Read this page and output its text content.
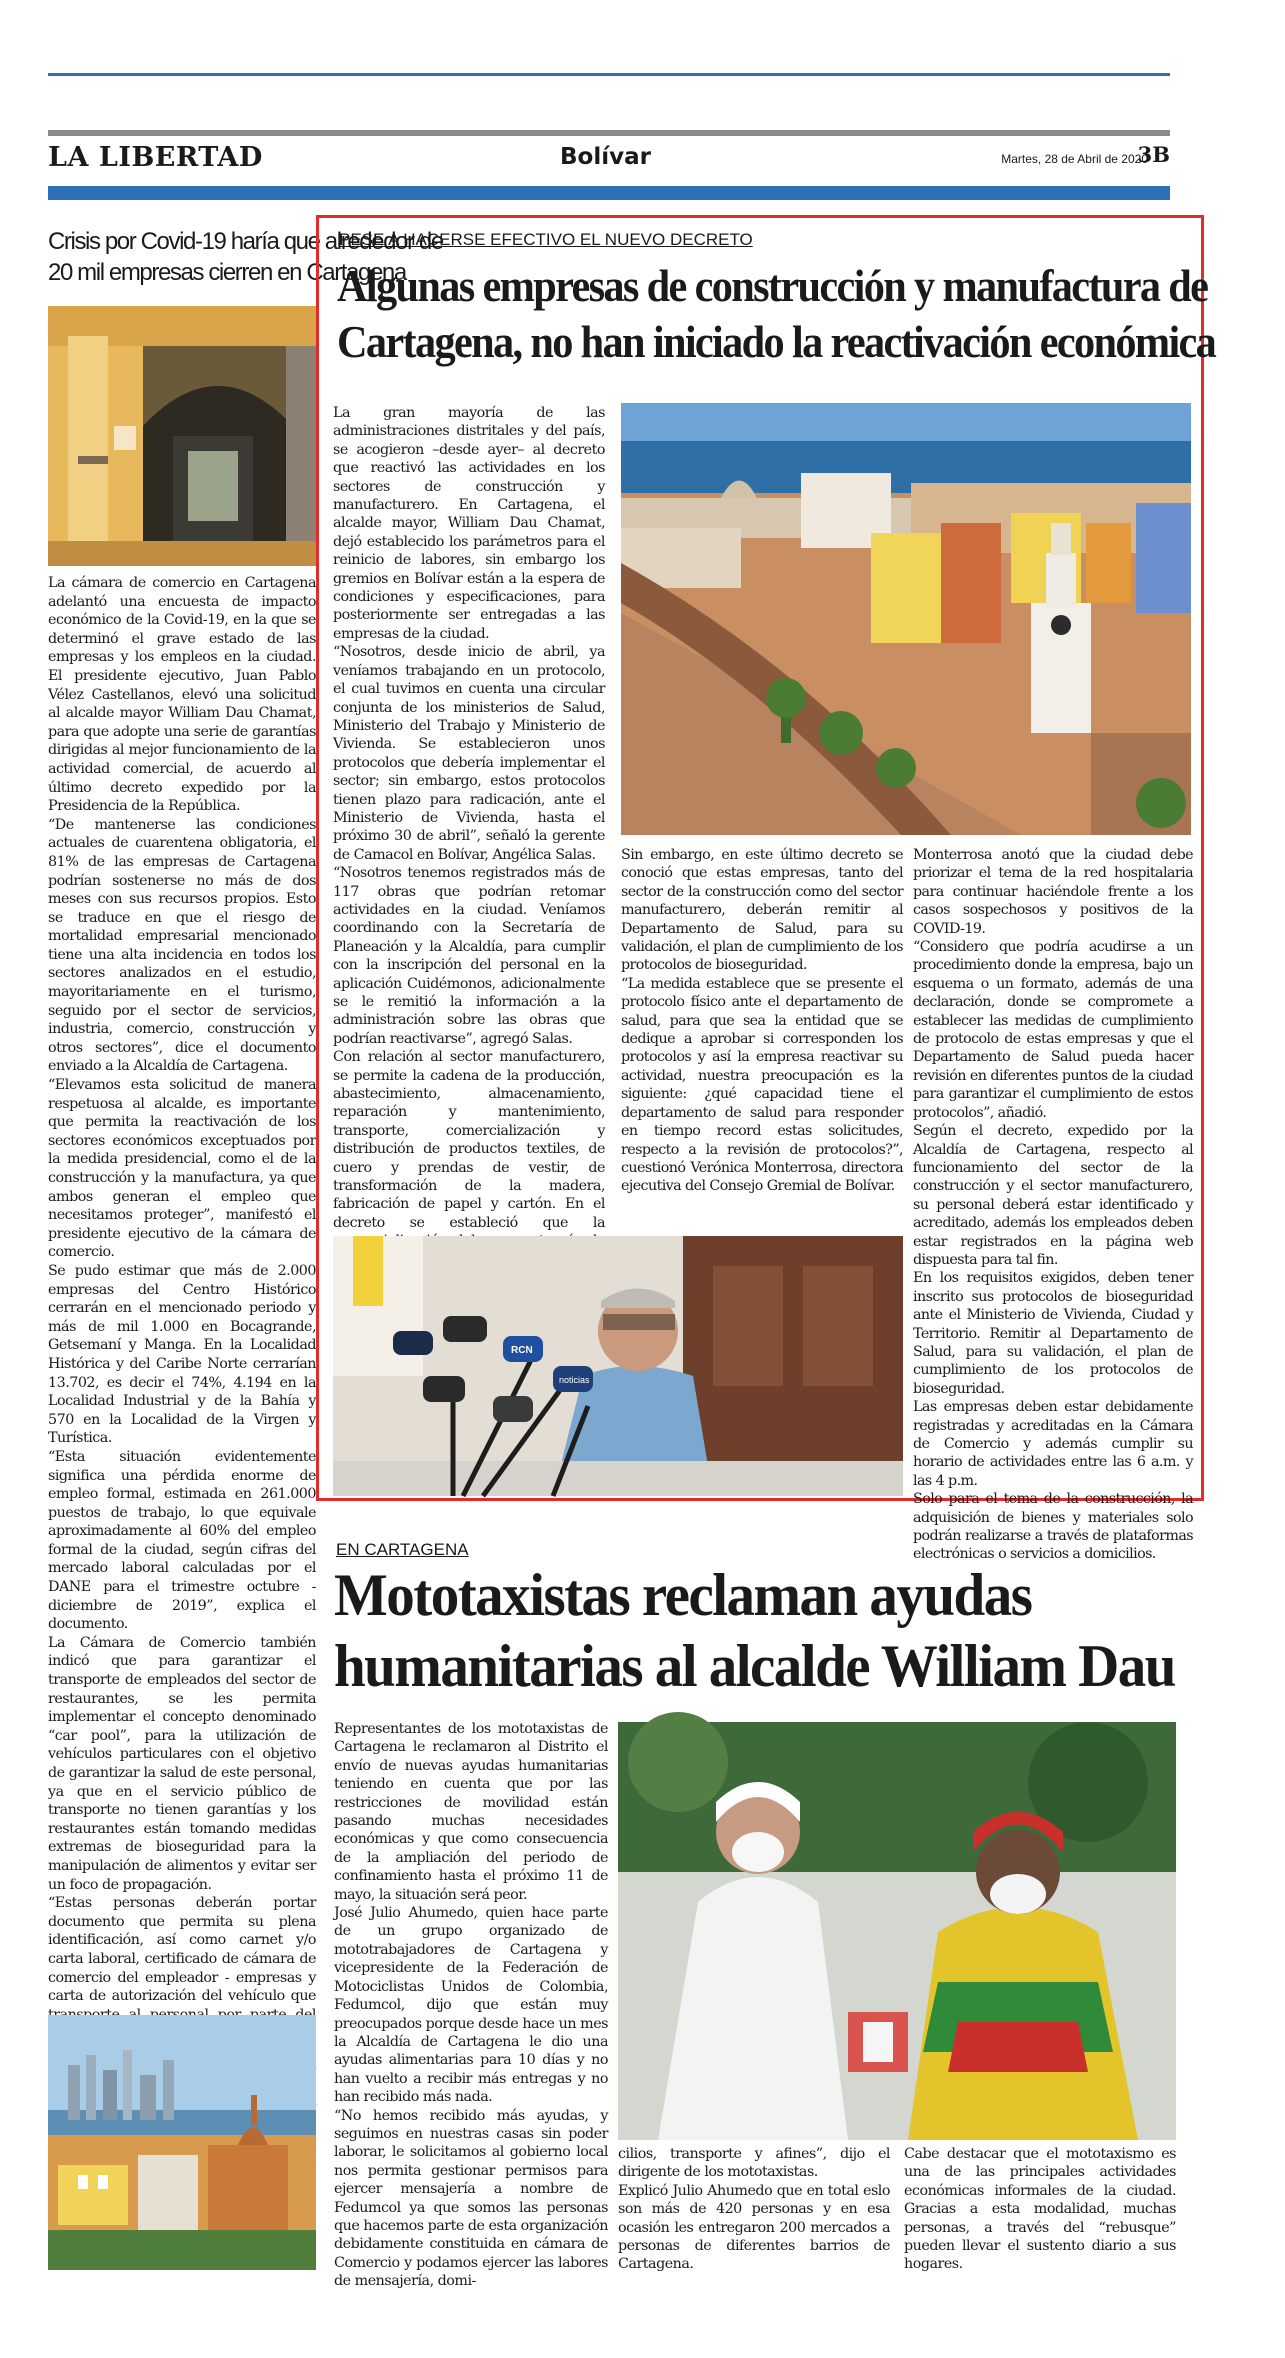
LA LIBERTAD	Bolívar	Martes, 28 de Abril de 2020
3B
Crisis por Covid-19 haría que alrededor de
20 mil empresas cierren en Cartagena
La cámara de comercio en Cartagena adelantó una encuesta de impacto económico de la Covid-19, en la que se determinó el grave estado de las empresas y los empleos en la ciudad. El presidente ejecutivo, Juan Pablo Vélez Castellanos, elevó una solicitud al alcalde mayor William Dau Chamat, para que adopte una serie de garantías dirigidas al mejor funcionamiento de la actividad comercial, de acuerdo al último decreto expedido por la Presidencia de la República.
“De mantenerse las condiciones actuales de cuarentena obligatoria, el 81% de las empresas de Cartagena podrían sostenerse no más de dos meses con sus recursos propios. Esto se traduce en que el riesgo de mortalidad empresarial mencionado tiene una alta incidencia en todos los sectores analizados en el estudio, mayoritariamente en el turismo, seguido por el sector de servicios, industria, comercio, construcción y otros sectores”, dice el documento enviado a la Alcaldía de Cartagena.
“Elevamos esta solicitud de manera respetuosa al alcalde, es importante que permita la reactivación de los sectores económicos exceptuados por la medida presidencial, como el de la construcción y la manufactura, ya que ambos generan el empleo que necesitamos proteger”, manifestó el presidente ejecutivo de la cámara de comercio.
Se pudo estimar que más de 2.000 empresas del Centro Histórico cerrarán en el mencionado periodo y más de mil 1.000 en Bocagrande, Getsemaní y Manga. En la Localidad Histórica y del Caribe Norte cerrarían 13.702, es decir el 74%, 4.194 en la Localidad Industrial y de la Bahía y 570 en la Localidad de la Virgen y Turística.
“Esta situación evidentemente significa una pérdida enorme de empleo formal, estimada en 261.000 puestos de trabajo, lo que equivale aproximadamente al 60% del empleo formal de la ciudad, según cifras del mercado laboral calculadas por el DANE para el trimestre octubre - diciembre de 2019”, explica el documento.
La Cámara de Comercio también indicó que para garantizar el transporte de empleados del sector de restaurantes, se les permita implementar el concepto denominado “car pool”, para la utilización de vehículos particulares con el objetivo de garantizar la salud de este personal, ya que en el servicio público de transporte no tienen garantías y los restaurantes están tomando medidas extremas de bioseguridad para la manipulación de alimentos y evitar ser un foco de propagación.
“Estas personas deberán portar documento que permita su plena identificación, así como carnet y/o carta laboral, certificado de cámara de comercio del empleador - empresas y carta de autorización del vehículo que
PESE A HACERSE EFECTIVO EL NUEVO DECRETO
Algunas empresas de construcción y manufactura de
Cartagena, no han iniciado la reactivación económica
La gran mayoría de las administraciones distritales y del país, se acogieron –desde ayer– al decreto que reactivó las actividades en los sectores de construcción y manufacturero. En Cartagena, el alcalde mayor, William Dau Chamat, dejó establecido los parámetros para el reinicio de labores, sin embargo los gremios en Bolívar están a la espera de condiciones y especificaciones, para posteriormente ser entregadas a las empresas de la ciudad.
“Nosotros, desde inicio de abril, ya veníamos trabajando en un protocolo, el cual tuvimos en cuenta una circular conjunta de los ministerios de Salud, Ministerio del Trabajo y Ministerio de Vivienda. Se establecieron unos protocolos que debería implementar el sector; sin embargo, estos protocolos tienen plazo para radicación, ante el Ministerio de Vivienda, hasta el próximo 30 de abril”, señaló la gerente de Camacol en Bolívar, Angélica Salas.
“Nosotros tenemos registrados más de 117 obras que podrían retomar actividades en la ciudad. Veníamos coordinando con la Secretaría de Planeación y la Alcaldía, para cumplir con la inscripción del personal en la aplicación Cuidémonos, adicionalmente se le remitió la información a la administración sobre las obras que podrían reactivarse”, agregó Salas.
Con relación al sector manufacturero, se permite la cadena de la producción, abastecimiento, almacenamiento, reparación y mantenimiento, transporte, comercialización y distribución de productos textiles, de cuero y prendas de vestir, de transformación de la madera, fabricación de papel y cartón. En el decreto se estableció que la
Sin embargo, en este último decreto se conoció que estas empresas, tanto del sector de la construcción como del sector manufacturero, deberán remitir al Departamento de Salud, para su validación, el plan de cumplimiento de los protocolos de bioseguridad.
“La medida establece que se presente el protocolo físico ante el departamento de salud, para que sea la entidad que se dedique a aprobar si corresponden los protocolos y así la empresa reactivar su actividad, nuestra preocupación es la siguiente: ¿qué capacidad tiene el departamento de salud para responder en tiempo record estas solicitudes, respecto a la revisión de protocolos?”, cuestionó Verónica Monterrosa, directora ejecutiva del Consejo Gremial de Bolívar.
Monterrosa anotó que la ciudad debe priorizar el tema de la red hospitalaria para continuar haciéndole frente a los casos sospechosos y positivos de la COVID-19.
“Considero que podría acudirse a un procedimiento donde la empresa, bajo un esquema o un formato, además de una declaración, donde se compromete a establecer las medidas de cumplimiento de protocolo de estas empresas y que el Departamento de Salud pueda hacer revisión en diferentes puntos de la ciudad para garantizar el cumplimiento de estos protocolos”, añadió.
Según el decreto, expedido por la Alcaldía de Cartagena, respecto al funcionamiento del sector de la construcción y el sector manufacturero, su personal deberá estar identificado y acreditado, además los empleados deben estar registrados en la página web dispuesta para tal fin.
En los requisitos exigidos, deben tener inscrito sus protocolos de bioseguridad ante el Ministerio de Vivienda, Ciudad y Territorio. Remitir al Departamento de Salud, para su validación, el plan de cumplimiento de los protocolos de bioseguridad.
Las empresas deben estar debidamente registradas y acreditadas en la Cámara de Comercio y además cumplir su horario de actividades entre las 6 a.m. y las 4 p.m.
Solo para el tema de la construcción, la adquisición de bienes y materiales solo podrán realizarse a través de plataformas electrónicas o servicios a domicilios.
noticias
RCN
EN CARTAGENA
Mototaxistas reclaman ayudas
humanitarias al alcalde William Dau
Representantes de los mototaxistas de Cartagena le reclamaron al Distrito el envío de nuevas ayudas humanitarias teniendo en cuenta que por las restricciones de movilidad están pasando muchas necesidades económicas y que como consecuencia de la ampliación del periodo de confinamiento hasta el próximo 11 de mayo, la situación será peor.
José Julio Ahumedo, quien hace parte de un grupo organizado de mototrabajadores de Cartagena y vicepresidente de la Federación de Motociclistas Unidos de Colombia, Fedumcol, dijo que están muy preocupados porque desde hace un mes la Alcaldía de Cartagena le dio una ayudas alimentarias para 10 días y no han vuelto a recibir más entregas y no han recibido más nada.
“No hemos recibido más ayudas, y seguimos en nuestras casas sin poder laborar, le solicitamos al gobierno local nos permita gestionar permisos para ejercer mensajería a nombre de Fedumcol ya que somos las personas que hacemos parte de esta organización debidamente constituida en cámara de Comercio y podamos ejercer las labores de mensajería, domi-
cilios, transporte y afines”, dijo el dirigente de los mototaxistas.
Explicó Julio Ahumedo que en total eslo son más de 420 personas y en esa ocasión les entregaron 200 mercados a personas de diferentes barrios de Cartagena.
Cabe destacar que el mototaxismo es una de las principales actividades económicas informales de la ciudad. Gracias a esta modalidad, muchas personas, a través del “rebusque” pueden llevar el sustento diario a sus hogares.
